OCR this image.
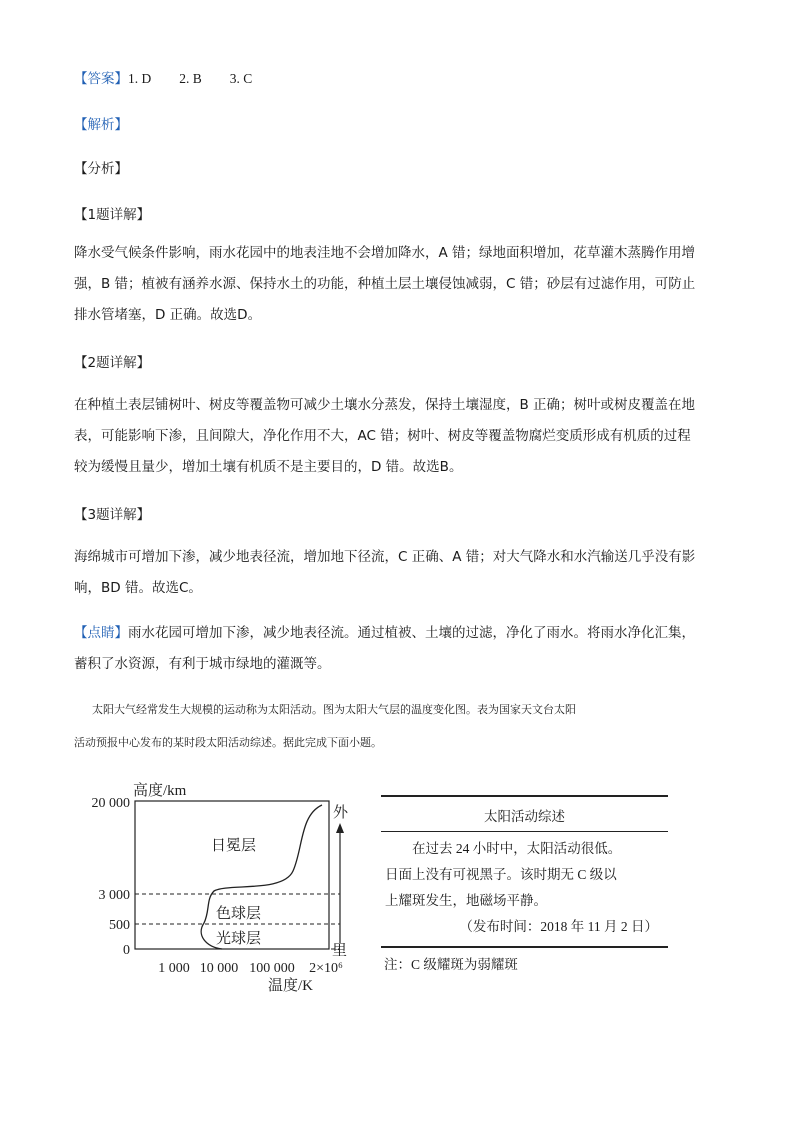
【答案】1. D 2. B 3. C
【解析】
【分析】
【1题详解】
降水受气候条件影响，雨水花园中的地表洼地不会增加降水，A 错；绿地面积增加，花草灌木蒸腾作用增
强，B 错；植被有涵养水源、保持水土的功能，种植土层土壤侵蚀减弱，C 错；砂层有过滤作用，可防止
排水管堵塞，D 正确。故选D。
【2题详解】
在种植土表层铺树叶、树皮等覆盖物可减少土壤水分蒸发，保持土壤湿度，B 正确；树叶或树皮覆盖在地
表，可能影响下渗，且间隙大，净化作用不大，AC 错；树叶、树皮等覆盖物腐烂变质形成有机质的过程
较为缓慢且量少，增加土壤有机质不是主要目的，D 错。故选B。
【3题详解】
海绵城市可增加下渗，减少地表径流，增加地下径流，C 正确、A 错；对大气降水和水汽输送几乎没有影
响，BD 错。故选C。
【点睛】雨水花园可增加下渗，减少地表径流。通过植被、土壤的过滤，净化了雨水。将雨水净化汇集，
蓄积了水资源，有利于城市绿地的灌溉等。
太阳大气经常发生大规模的运动称为太阳活动。图为太阳大气层的温度变化图。表为国家天文台太阳
活动预报中心发布的某时段太阳活动综述。据此完成下面小题。
高度/km
20 000
3 000
500
0
日冕层
色球层
光球层
外
里
1 000 10 000 100 000 2×10⁶
温度/K
太阳活动综述
在过去 24 小时中，太阳活动很低。
日面上没有可视黑子。该时期无 C 级以
上耀斑发生，地磁场平静。
（发布时间：2018 年 11 月 2 日）
注：C 级耀斑为弱耀斑
